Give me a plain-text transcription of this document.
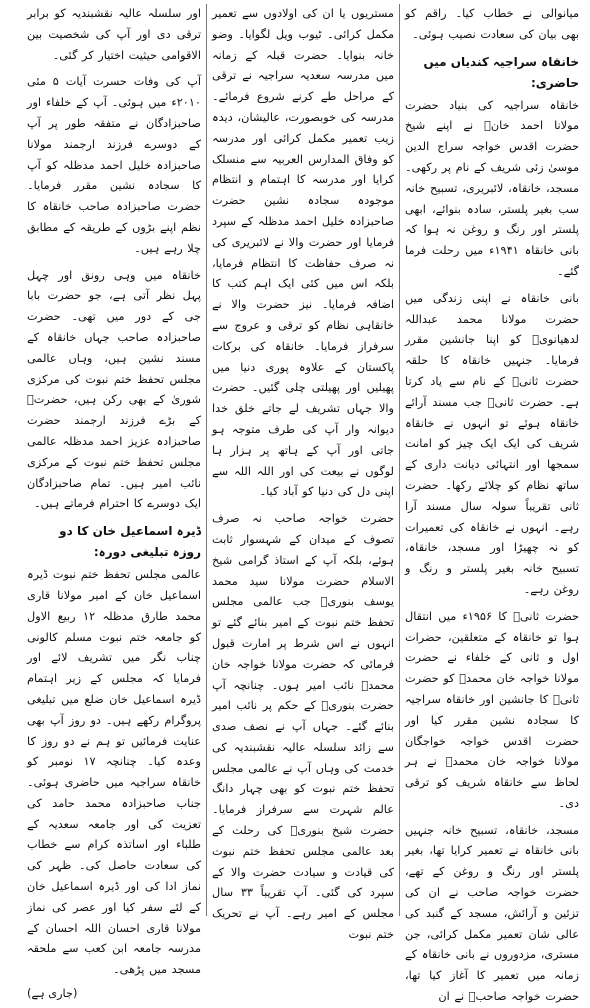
میانوالی نے خطاب کیا۔ راقم کو بھی بیان کی سعادت نصیب ہوئی۔

خانقاہ سراجیہ کندیاں میں حاضری:

خانقاہ سراجیہ کی بنیاد حضرت مولانا احمد خانؒ نے اپنے شیخ حضرت اقدس خواجہ سراج الدین موسیٰ زئی شریف کے نام پر رکھی۔ مسجد، خانقاہ، لائبریری، تسبیح خانہ سب بغیر پلستر، سادہ بنوائے، ابھی پلستر اور رنگ و روغن نہ ہوا کہ بانی خانقاہ ۱۹۴۱ء میں رحلت فرما گئے۔

بانی خانقاہ نے اپنی زندگی میں حضرت مولانا محمد عبداللہ لدھیانویؒ کو اپنا جانشین مقرر فرمایا۔ جنہیں خانقاہ کا حلقہ حضرت ثانیؒ کے نام سے یاد کرتا ہے۔ حضرت ثانیؒ جب مسند آرائے خانقاہ ہوئے تو انہوں نے خانقاہ شریف کی ایک ایک چیز کو امانت سمجھا اور انتہائی دیانت داری کے ساتھ نظام کو چلائے رکھا۔ حضرت ثانی تقریباً سولہ سال مسند آرا رہے۔ انہوں نے خانقاہ کی تعمیرات کو نہ چھیڑا اور مسجد، خانقاہ، تسبیح خانہ بغیر پلستر و رنگ و روغن رہے۔

حضرت ثانیؒ کا ۱۹۵۶ء میں انتقال ہوا تو خانقاہ کے متعلقین، حضرات اول و ثانی کے خلفاء نے حضرت مولانا خواجہ خان محمدؒ کو حضرت ثانیؒ کا جانشین اور خانقاہ سراجیہ کا سجادہ نشین مقرر کیا اور حضرت اقدس خواجہ خواجگان مولانا خواجہ خان محمدؒ نے ہر لحاظ سے خانقاہ شریف کو ترقی دی۔

مسجد، خانقاہ، تسبیح خانہ جنہیں بانی خانقاہ نے تعمیر کرایا تھا، بغیر پلستر اور رنگ و روغن کے تھے، حضرت خواجہ صاحب نے ان کی تزئین و آرائش، مسجد کے گنبد کی عالی شان تعمیر مکمل کرائی، جن مستری، مزدوروں نے بانی خانقاہ کے زمانہ میں تعمیر کا آغاز کیا تھا، حضرت خواجہ صاحبؒ نے ان

مستریوں یا ان کی اولادوں سے تعمیر مکمل کرائی۔ ٹیوب ویل لگوایا۔ وضو خانہ بنوایا۔ حضرت قبلہ کے زمانہ میں مدرسہ سعدیہ سراجیہ نے ترقی کے مراحل طے کرنے شروع فرمائے۔ مدرسہ کی خوبصورت، عالیشان، دیدہ زیب تعمیر مکمل کرائی اور مدرسہ کو وفاق المدارس العربیہ سے منسلک کرایا اور مدرسہ کا اہتمام و انتظام موجودہ سجادہ نشین حضرت صاحبزادہ خلیل احمد مدظلہ کے سپرد فرمایا اور حضرت والا نے لائبریری کی نہ صرف حفاظت کا انتظام فرمایا، بلکہ اس میں کئی ایک اہم کتب کا اضافہ فرمایا۔ نیز حضرت والا نے خانقاہی نظام کو ترقی و عروج سے سرفراز فرمایا۔ خانقاہ کی برکات پاکستان کے علاوہ پوری دنیا میں پھیلیں اور پھیلتی چلی گئیں۔ حضرت والا جہاں تشریف لے جاتے خلق خدا دیوانہ وار آپ کی طرف متوجہ ہو جاتی اور آپ کے ہاتھ پر ہزار ہا لوگوں نے بیعت کی اور اللہ اللہ سے اپنی دل کی دنیا کو آباد کیا۔

حضرت خواجہ صاحب نہ صرف تصوف کے میدان کے شہسوار ثابت ہوئے، بلکہ آپ کے استاذ گرامی شیخ الاسلام حضرت مولانا سید محمد یوسف بنوریؒ جب عالمی مجلس تحفظ ختم نبوت کے امیر بنائے گئے تو انہوں نے اس شرط پر امارت قبول فرمائی کہ حضرت مولانا خواجہ خان محمدؒ نائب امیر ہوں۔ چنانچہ آپ حضرت بنوریؒ کے حکم پر نائب امیر بنائے گئے۔ جہاں آپ نے نصف صدی سے زائد سلسلہ عالیہ نقشبندیہ کی خدمت کی وہاں آپ نے عالمی مجلس تحفظ ختم نبوت کو بھی چہار دانگ عالم شہرت سے سرفراز فرمایا۔ حضرت شیخ بنوریؒ کی رحلت کے بعد عالمی مجلس تحفظ ختم نبوت کی قیادت و سیادت حضرت والا کے سپرد کی گئی۔ آپ تقریباً ۳۳ سال مجلس کے امیر رہے۔ آپ نے تحریک ختم نبوت

اور سلسلہ عالیہ نقشبندیہ کو برابر ترقی دی اور آپ کی شخصیت بین الاقوامی حیثیت اختیار کر گئی۔

آپ کی وفات حسرت آیات ۵ مئی ۲۰۱۰ء میں ہوئی۔ آپ کے خلفاء اور صاحبزادگان نے متفقہ طور پر آپ کے دوسرے فرزند ارجمند مولانا صاحبزادہ خلیل احمد مدظلہ کو آپ کا سجادہ نشین مقرر فرمایا۔ حضرت صاحبزادہ صاحب خانقاہ کا نظم اپنے بڑوں کے طریقہ کے مطابق چلا رہے ہیں۔

خانقاہ میں وہی رونق اور چہل پہل نظر آتی ہے، جو حضرت بابا جی کے دور میں تھی۔ حضرت صاحبزادہ صاحب جہاں خانقاہ کے مسند نشین ہیں، وہاں عالمی مجلس تحفظ ختم نبوت کی مرکزی شوریٰ کے بھی رکن ہیں، حضرتؒ کے بڑے فرزند ارجمند حضرت صاحبزادہ عزیز احمد مدظلہ عالمی مجلس تحفظ ختم نبوت کے مرکزی نائب امیر ہیں۔ تمام صاحبزادگان ایک دوسرے کا احترام فرماتے ہیں۔

ڈیرہ اسماعیل خان کا دو روزہ تبلیغی دورہ:

عالمی مجلس تحفظ ختم نبوت ڈیرہ اسماعیل خان کے امیر مولانا قاری محمد طارق مدظلہ ۱۲ ربیع الاول کو جامعہ ختم نبوت مسلم کالونی چناب نگر میں تشریف لائے اور فرمایا کہ مجلس کے زیر اہتمام ڈیرہ اسماعیل خان ضلع میں تبلیغی پروگرام رکھے ہیں۔ دو روز آپ بھی عنایت فرمائیں تو ہم نے دو روز کا وعدہ کیا۔ چنانچہ ۱۷ نومبر کو خانقاہ سراجیہ میں حاضری ہوئی۔ جناب صاحبزادہ محمد حامد کی تعزیت کی اور جامعہ سعدیہ کے طلباء اور اساتذہ کرام سے خطاب کی سعادت حاصل کی۔ ظہر کی نماز ادا کی اور ڈیرہ اسماعیل خان کے لئے سفر کیا اور عصر کی نماز مولانا قاری احسان اللہ احسان کے مدرسہ جامعہ ابن کعب سے ملحقہ مسجد میں پڑھی۔

(جاری ہے)
